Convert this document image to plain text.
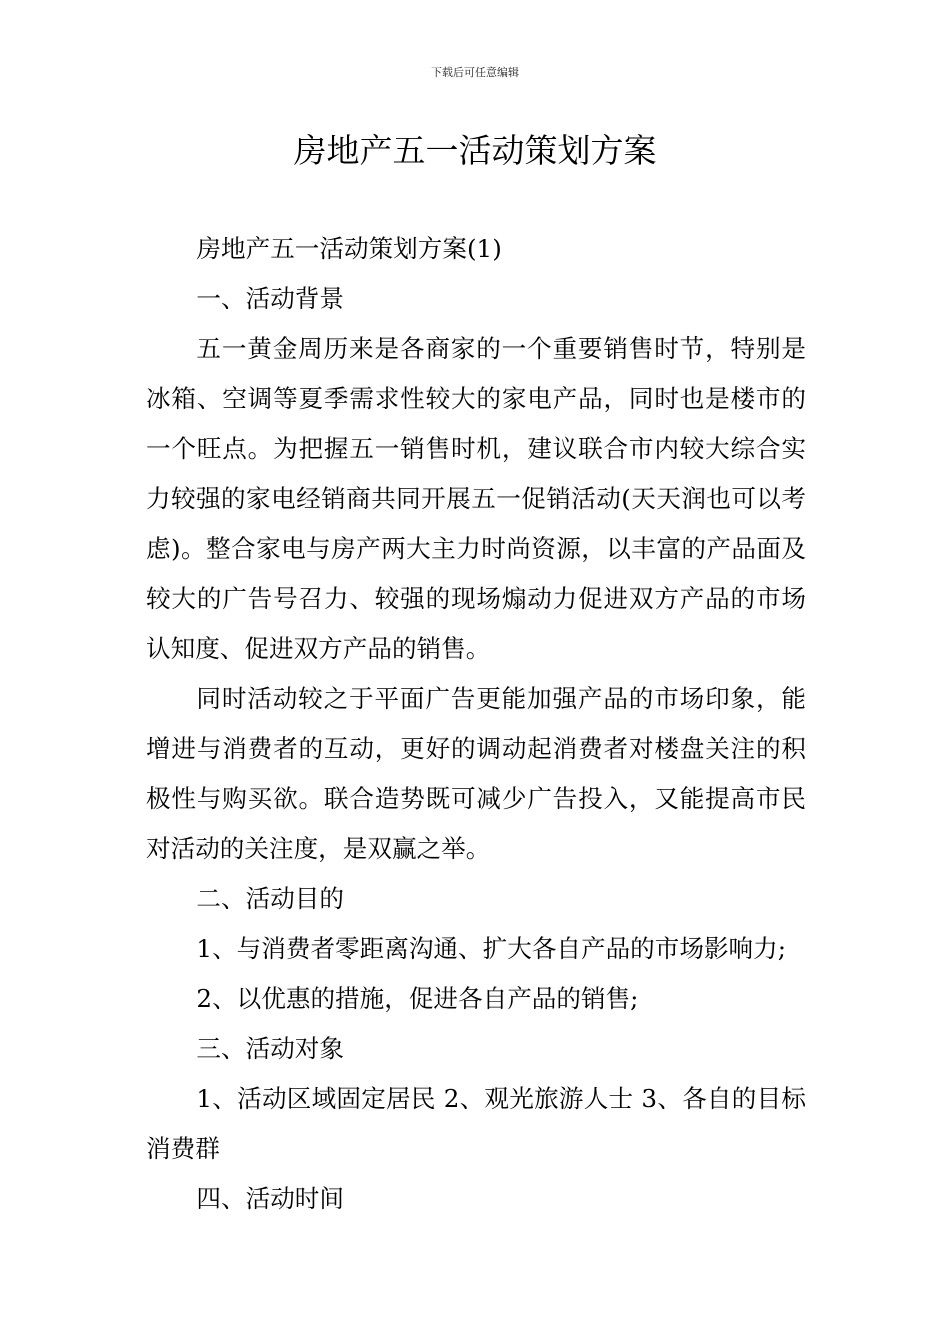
下载后可任意编辑
房地产五一活动策划方案

房地产五一活动策划方案(1)

一、活动背景

五一黄金周历来是各商家的一个重要销售时节，特别是冰箱、空调等夏季需求性较大的家电产品，同时也是楼市的一个旺点。为把握五一销售时机，建议联合市内较大综合实力较强的家电经销商共同开展五一促销活动(天天润也可以考虑)。整合家电与房产两大主力时尚资源，以丰富的产品面及较大的广告号召力、较强的现场煽动力促进双方产品的市场认知度、促进双方产品的销售。

同时活动较之于平面广告更能加强产品的市场印象，能增进与消费者的互动，更好的调动起消费者对楼盘关注的积极性与购买欲。联合造势既可减少广告投入，又能提高市民对活动的关注度，是双赢之举。

二、活动目的

1、与消费者零距离沟通、扩大各自产品的市场影响力;

2、以优惠的措施，促进各自产品的销售;

三、活动对象

1、活动区域固定居民 2、观光旅游人士 3、各自的目标消费群

四、活动时间
